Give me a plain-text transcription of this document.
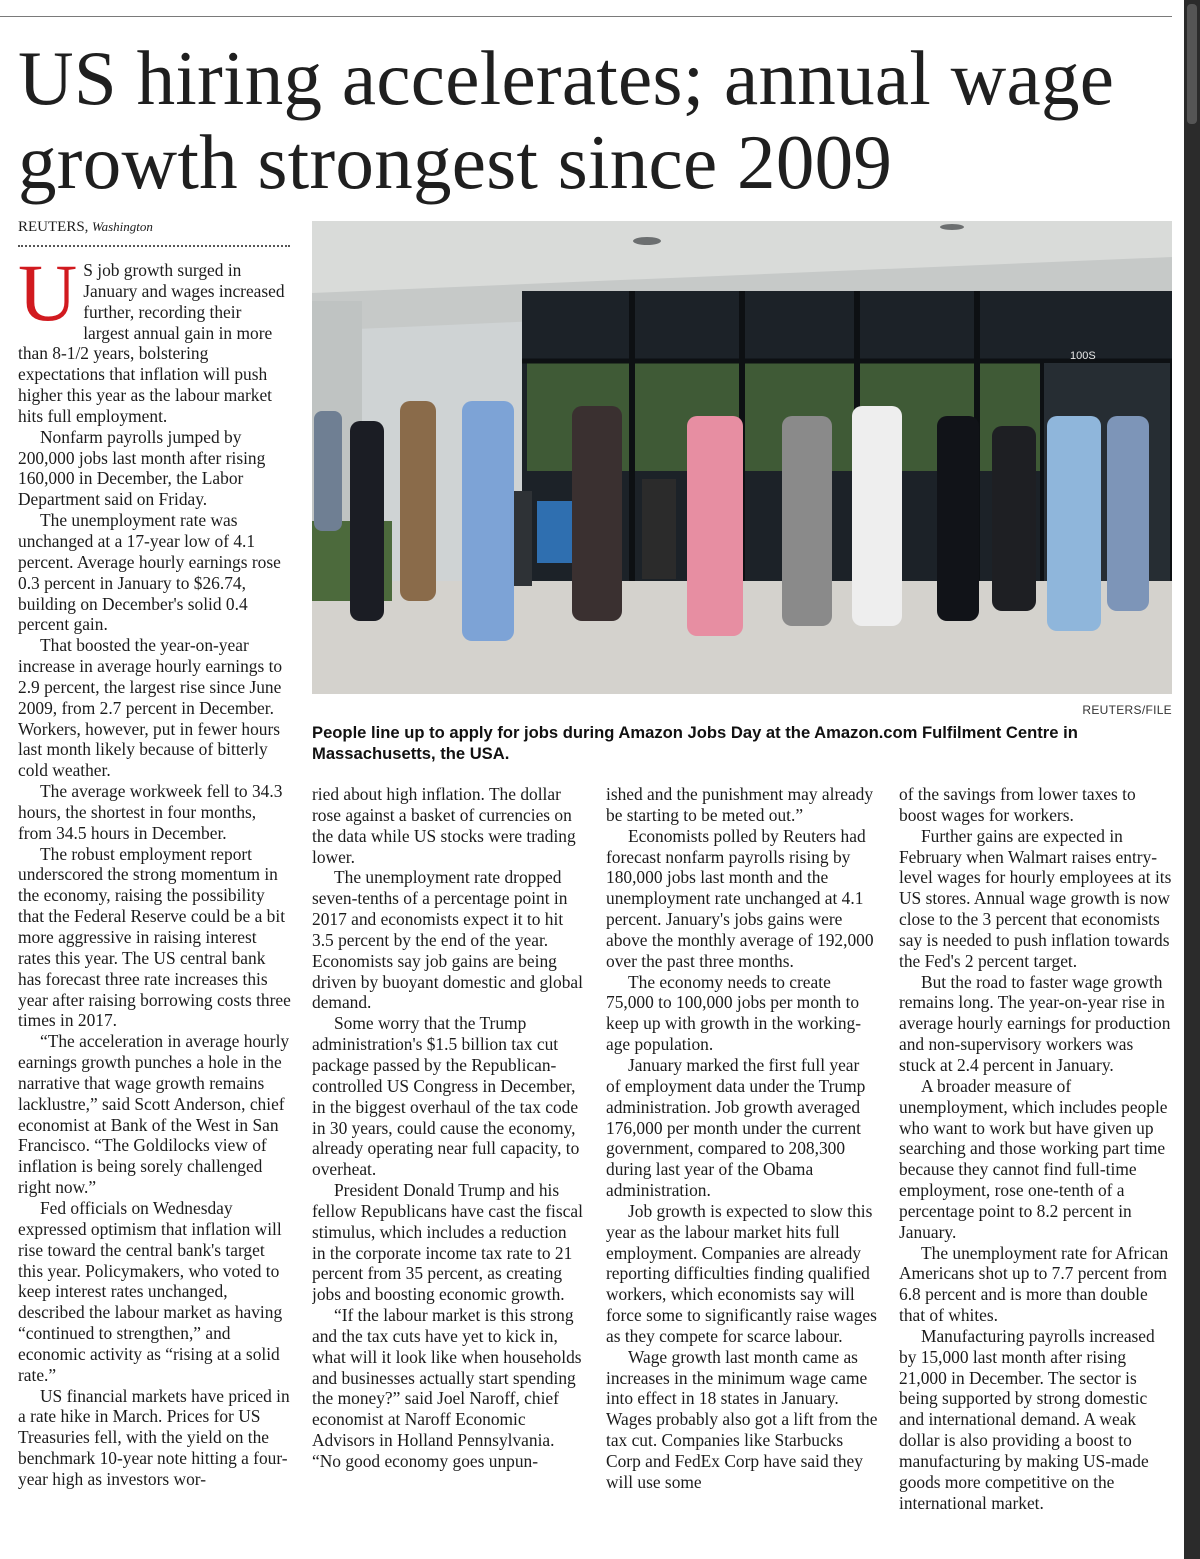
US hiring accelerates; annual wage growth strongest since 2009
REUTERS, Washington
U S job growth surged in January and wages increased further, recording their largest annual gain in more than 8-1/2 years, bolstering expectations that inflation will push higher this year as the labour market hits full employment.

Nonfarm payrolls jumped by 200,000 jobs last month after rising 160,000 in December, the Labor Department said on Friday.

The unemployment rate was unchanged at a 17-year low of 4.1 percent. Average hourly earnings rose 0.3 percent in January to $26.74, building on December's solid 0.4 percent gain.

That boosted the year-on-year increase in average hourly earnings to 2.9 percent, the largest rise since June 2009, from 2.7 percent in December. Workers, however, put in fewer hours last month likely because of bitterly cold weather.

The average workweek fell to 34.3 hours, the shortest in four months, from 34.5 hours in December.

The robust employment report underscored the strong momentum in the economy, raising the possibility that the Federal Reserve could be a bit more aggressive in raising interest rates this year. The US central bank has forecast three rate increases this year after raising borrowing costs three times in 2017.

“The acceleration in average hourly earnings growth punches a hole in the narrative that wage growth remains lacklustre,” said Scott Anderson, chief economist at Bank of the West in San Francisco. “The Goldilocks view of inflation is being sorely challenged right now.”

Fed officials on Wednesday expressed optimism that inflation will rise toward the central bank's target this year. Policymakers, who voted to keep interest rates unchanged, described the labour market as having “continued to strengthen,” and economic activity as “rising at a solid rate.”

US financial markets have priced in a rate hike in March. Prices for US Treasuries fell, with the yield on the benchmark 10-year note hitting a four-year high as investors wor-

100S
REUTERS/FILE

People line up to apply for jobs during Amazon Jobs Day at the Amazon.com Fulfilment Centre in Massachusetts, the USA.

ried about high inflation. The dollar rose against a basket of currencies on the data while US stocks were trading lower.

The unemployment rate dropped seven-tenths of a percentage point in 2017 and economists expect it to hit 3.5 percent by the end of the year. Economists say job gains are being driven by buoyant domestic and global demand.

Some worry that the Trump administration's $1.5 billion tax cut package passed by the Republican-controlled US Congress in December, in the biggest overhaul of the tax code in 30 years, could cause the economy, already operating near full capacity, to overheat.

President Donald Trump and his fellow Republicans have cast the fiscal stimulus, which includes a reduction in the corporate income tax rate to 21 percent from 35 percent, as creating jobs and boosting economic growth.

“If the labour market is this strong and the tax cuts have yet to kick in, what will it look like when households and businesses actually start spending the money?” said Joel Naroff, chief economist at Naroff Economic Advisors in Holland Pennsylvania. “No good economy goes unpun-

ished and the punishment may already be starting to be meted out.”

Economists polled by Reuters had forecast nonfarm payrolls rising by 180,000 jobs last month and the unemployment rate unchanged at 4.1 percent. January's jobs gains were above the monthly average of 192,000 over the past three months.

The economy needs to create 75,000 to 100,000 jobs per month to keep up with growth in the working-age population.

January marked the first full year of employment data under the Trump administration. Job growth averaged 176,000 per month under the current government, compared to 208,300 during last year of the Obama administration.

Job growth is expected to slow this year as the labour market hits full employment. Companies are already reporting difficulties finding qualified workers, which economists say will force some to significantly raise wages as they compete for scarce labour.

Wage growth last month came as increases in the minimum wage came into effect in 18 states in January. Wages probably also got a lift from the tax cut. Companies like Starbucks Corp and FedEx Corp have said they will use some

of the savings from lower taxes to boost wages for workers.

Further gains are expected in February when Walmart raises entry-level wages for hourly employees at its US stores. Annual wage growth is now close to the 3 percent that economists say is needed to push inflation towards the Fed's 2 percent target.

But the road to faster wage growth remains long. The year-on-year rise in average hourly earnings for production and non-supervisory workers was stuck at 2.4 percent in January.

A broader measure of unemployment, which includes people who want to work but have given up searching and those working part time because they cannot find full-time employment, rose one-tenth of a percentage point to 8.2 percent in January.

The unemployment rate for African Americans shot up to 7.7 percent from 6.8 percent and is more than double that of whites.

Manufacturing payrolls increased by 15,000 last month after rising 21,000 in December. The sector is being supported by strong domestic and international demand. A weak dollar is also providing a boost to manufacturing by making US-made goods more competitive on the international market.
